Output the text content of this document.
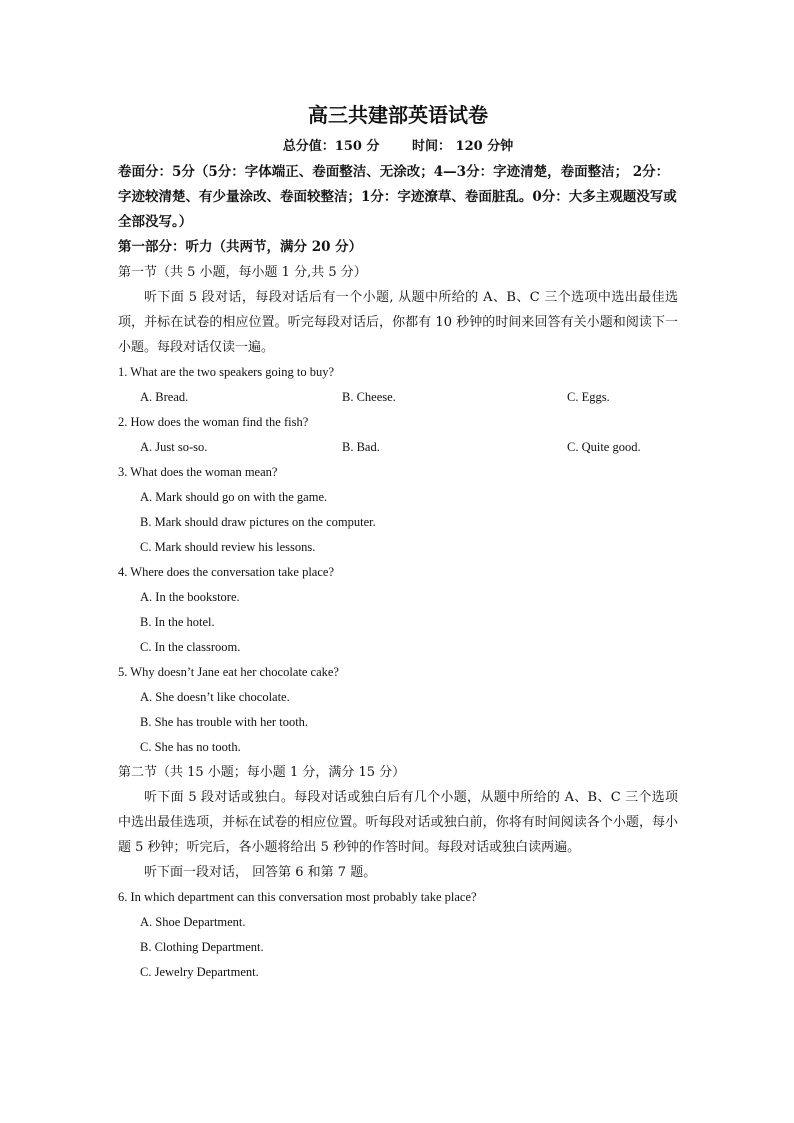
高三共建部英语试卷
总分值：150 分	时间： 120 分钟
卷面分：5分（5分：字体端正、卷面整洁、无涂改；4—3分：字迹清楚，卷面整洁； 2分：字迹较清楚、有少量涂改、卷面较整洁；1分：字迹潦草、卷面脏乱。0分：大多主观题没写或全部没写。）
第一部分：听力（共两节，满分 20 分）
第一节（共 5 小题，每小题 1 分,共 5 分）
听下面 5 段对话，每段对话后有一个小题, 从题中所给的 A、B、C 三个选项中选出最佳选项，并标在试卷的相应位置。听完每段对话后，你都有 10 秒钟的时间来回答有关小题和阅读下一小题。每段对话仅读一遍。
1. What are the two speakers going to buy?
A. Bread.	B. Cheese.	C. Eggs.
2. How does the woman find the fish?
A. Just so-so.	B. Bad.	C. Quite good.
3. What does the woman mean?
A. Mark should go on with the game.
B. Mark should draw pictures on the computer.
C. Mark should review his lessons.
4. Where does the conversation take place?
A. In the bookstore.
B. In the hotel.
C. In the classroom.
5. Why doesn’t Jane eat her chocolate cake?
A. She doesn’t like chocolate.
B. She has trouble with her tooth.
C. She has no tooth.
第二节（共 15 小题；每小题 1 分，满分 15 分）
听下面 5 段对话或独白。每段对话或独白后有几个小题，从题中所给的 A、B、C 三个选项中选出最佳选项，并标在试卷的相应位置。听每段对话或独白前，你将有时间阅读各个小题，每小题 5 秒钟；听完后，各小题将给出 5 秒钟的作答时间。每段对话或独白读两遍。
听下面一段对话， 回答第 6 和第 7 题。
6. In which department can this conversation most probably take place?
A. Shoe Department.
B. Clothing Department.
C. Jewelry Department.
